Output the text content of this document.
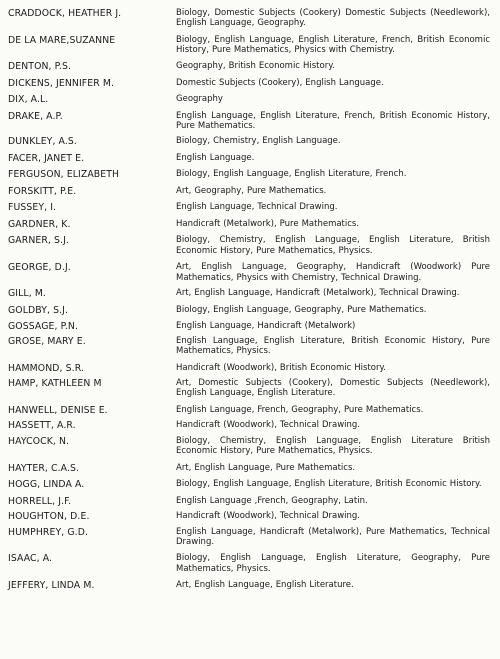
CRADDOCK, HEATHER J.	Biology, Domestic Subjects (Cookery) Domestic Subjects (Needlework), English Language, Geography.
DE LA MARE,SUZANNE	Biology, English Language, English Literature, French, British Economic History, Pure Mathematics, Physics with Chemistry.
DENTON, P.S.	Geography, British Economic History.
DICKENS, JENNIFER M.	Domestic Subjects (Cookery), English Language.
DIX, A.L.	Geography
DRAKE, A.P.	English Language, English Literature, French, British Economic History, Pure Mathematics.
DUNKLEY, A.S.	Biology, Chemistry, English Language.
FACER, JANET E.	English Language.
FERGUSON, ELIZABETH	Biology, English Language, English Literature, French.
FORSKITT, P.E.	Art, Geography, Pure Mathematics.
FUSSEY, I.	English Language, Technical Drawing.
GARDNER, K.	Handicraft (Metalwork), Pure Mathematics.
GARNER, S.J.	Biology, Chemistry, English Language, English Literature, British Economic History, Pure Mathematics, Physics.
GEORGE, D.J.	Art, English Language, Geography, Handicraft (Woodwork) Pure Mathematics, Physics with Chemistry, Technical Drawing.
GILL, M.	Art, English Language, Handicraft (Metalwork), Technical Drawing.
GOLDBY, S.J.	Biology, English Language, Geography, Pure Mathematics.
GOSSAGE, P.N.	English Language, Handicraft (Metalwork)
GROSE, MARY E.	English Language, English Literature, British Economic History, Pure Mathematics, Physics.
HAMMOND, S.R.	Handicraft (Woodwork), British Economic History.
HAMP, KATHLEEN M	Art, Domestic Subjects (Cookery), Domestic Subjects (Needlework), English Language, English Literature.
HANWELL, DENISE E.	English Language, French, Geography, Pure Mathematics.
HASSETT, A.R.	Handicraft (Woodwork), Technical Drawing.
HAYCOCK, N.	Biology, Chemistry, English Language, English Literature British Economic History, Pure Mathematics, Physics.
HAYTER, C.A.S.	Art, English Language, Pure Mathematics.
HOGG, LINDA A.	Biology, English Language, English Literature, British Economic History.
HORRELL, J.F.	English Language ,French, Geography, Latin.
HOUGHTON, D.E.	Handicraft (Woodwork), Technical Drawing.
HUMPHREY, G.D.	English Language, Handicraft (Metalwork), Pure Mathematics, Technical Drawing.
ISAAC, A.	Biology, English Language, English Literature, Geography, Pure Mathematics, Physics.
JEFFERY, LINDA M.	Art, English Language, English Literature.
